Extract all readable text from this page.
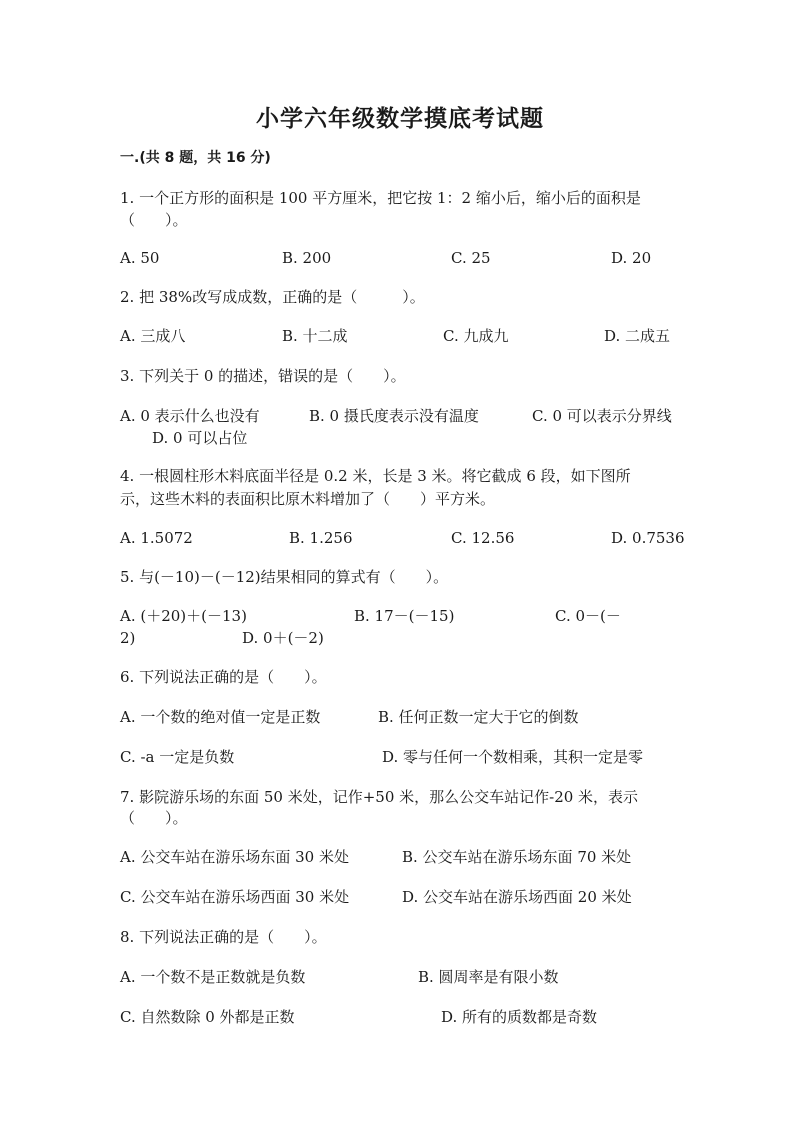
小学六年级数学摸底考试题
一.(共 8 题，共 16 分)
1. 一个正方形的面积是 100 平方厘米，把它按 1：2 缩小后，缩小后的面积是
（　　）。
A. 50	B. 200	C. 25	D. 20
2. 把 38%改写成成数，正确的是（　　　）。
A. 三成八	B. 十二成	C. 九成九	D. 二成五
3. 下列关于 0 的描述，错误的是（　　）。
A. 0 表示什么也没有	B. 0 摄氏度表示没有温度	C. 0 可以表示分界线
D. 0 可以占位
4. 一根圆柱形木料底面半径是 0.2 米，长是 3 米。将它截成 6 段，如下图所
示，这些木料的表面积比原木料增加了（　　）平方米。
A. 1.5072	B. 1.256	C. 12.56	D. 0.7536
5. 与(－10)－(－12)结果相同的算式有（　　）。
A. (＋20)＋(－13)	B. 17－(－15)	C. 0－(－
2)	D. 0＋(－2)
6. 下列说法正确的是（　　）。
A. 一个数的绝对值一定是正数	B. 任何正数一定大于它的倒数
C. -a 一定是负数	D. 零与任何一个数相乘，其积一定是零
7. 影院游乐场的东面 50 米处，记作+50 米，那么公交车站记作-20 米，表示
（　　）。
A. 公交车站在游乐场东面 30 米处	B. 公交车站在游乐场东面 70 米处
C. 公交车站在游乐场西面 30 米处	D. 公交车站在游乐场西面 20 米处
8. 下列说法正确的是（　　）。
A. 一个数不是正数就是负数	B. 圆周率是有限小数
C. 自然数除 0 外都是正数	D. 所有的质数都是奇数
